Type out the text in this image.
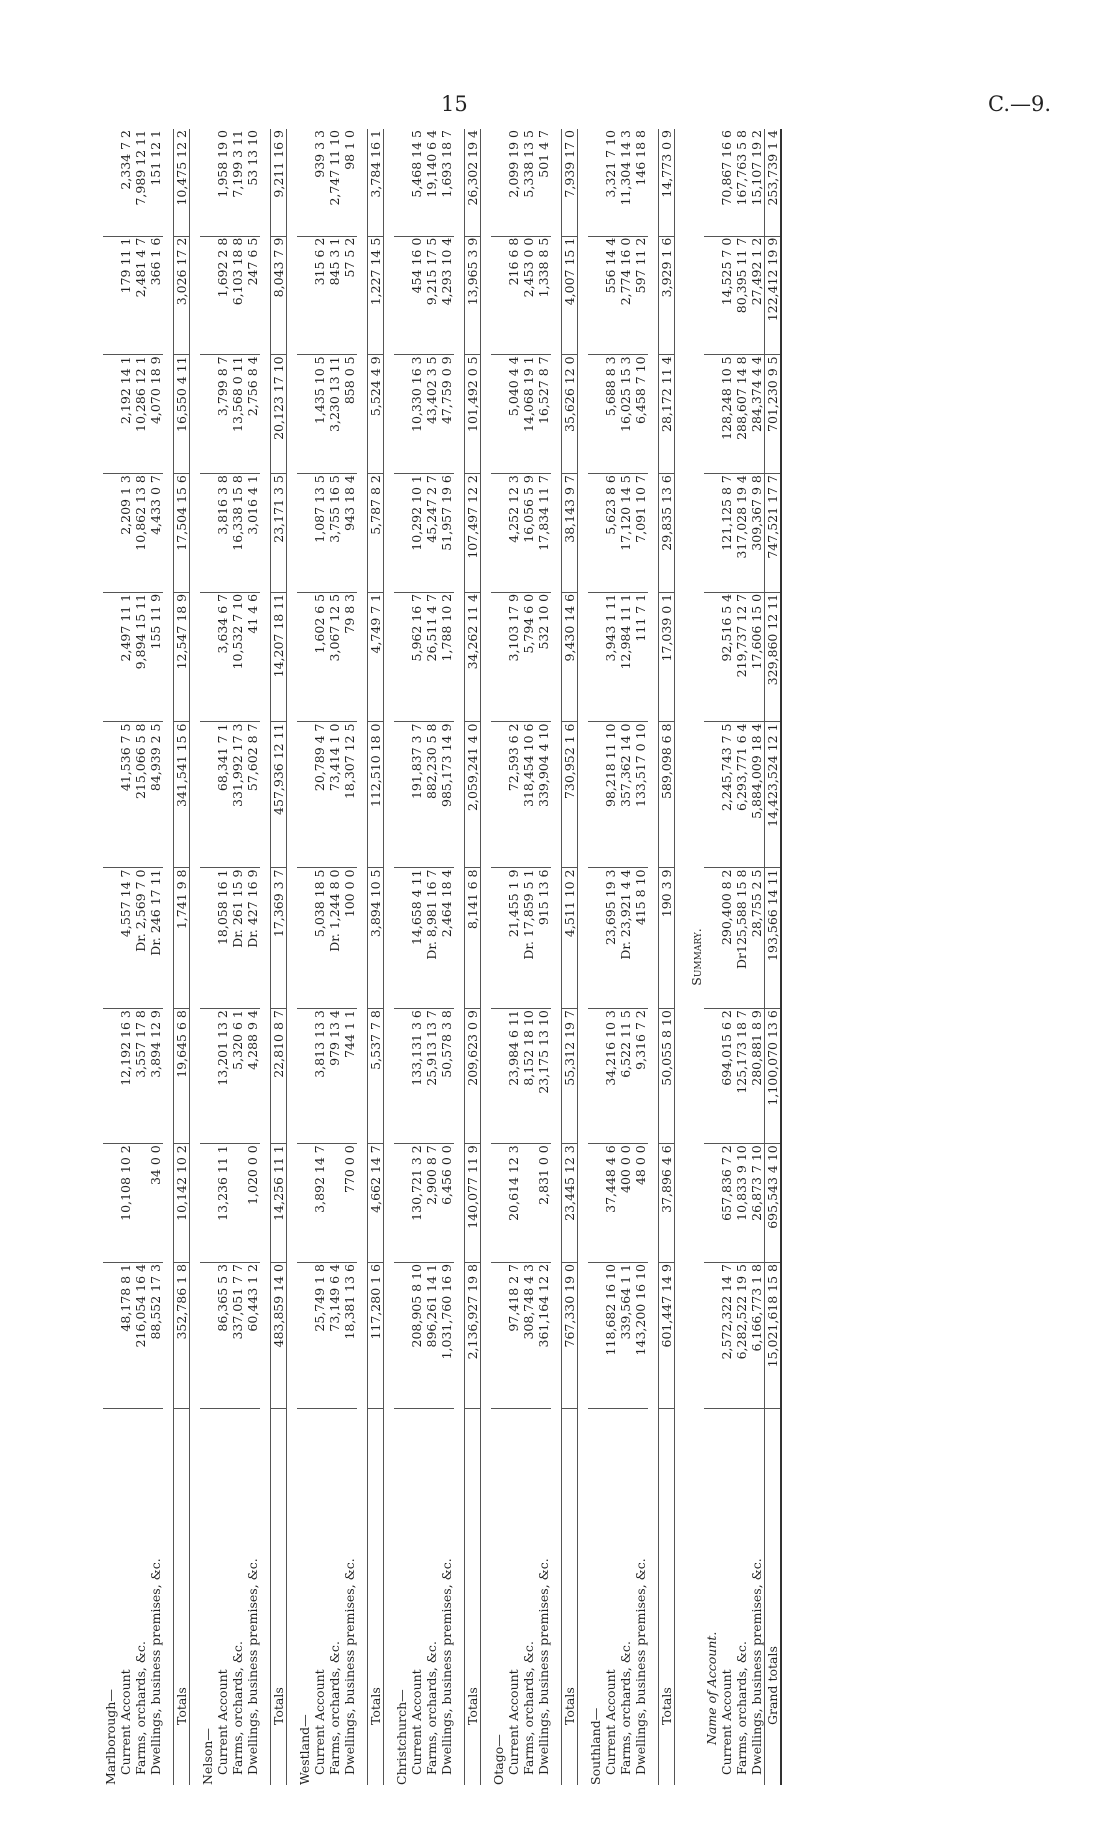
15	C.—9.
Marlborough—										
Current Account	48,178 8 1	10,108 10 2	12,192 16 3	4,557 14 7	41,536 7 5	2,497 11 1	2,209 1 3	2,192 14 1	179 11 1	2,334 7 2
Farms, orchards, &c.	216,054 16 4		3,557 17 8	Dr. 2,569 7 0	215,066 5 8	9,894 15 11	10,862 13 8	10,286 12 1	2,481 4 7	7,989 12 11
Dwellings, business premises, &c.	88,552 17 3	34 0 0	3,894 12 9	Dr. 246 17 11	84,939 2 5	155 11 9	4,433 0 7	4,070 18 9	366 1 6	151 12 1

Totals	352,786 1 8	10,142 10 2	19,645 6 8	1,741 9 8	341,541 15 6	12,547 18 9	17,504 15 6	16,550 4 11	3,026 17 2	10,475 12 2

Nelson—										
Current Account	86,365 5 3	13,236 11 1	13,201 13 2	18,058 16 1	68,341 7 1	3,634 6 7	3,816 3 8	3,799 8 7	1,692 2 8	1,958 19 0
Farms, orchards, &c.	337,051 7 7		5,320 6 1	Dr. 261 15 9	331,992 17 3	10,532 7 10	16,338 15 8	13,568 0 11	6,103 18 8	7,199 3 11
Dwellings, business premises, &c.	60,443 1 2	1,020 0 0	4,288 9 4	Dr. 427 16 9	57,602 8 7	41 4 6	3,016 4 1	2,756 8 4	247 6 5	53 13 10

Totals	483,859 14 0	14,256 11 1	22,810 8 7	17,369 3 7	457,936 12 11	14,207 18 11	23,171 3 5	20,123 17 10	8,043 7 9	9,211 16 9

Westland—										
Current Account	25,749 1 8	3,892 14 7	3,813 13 3	5,038 18 5	20,789 4 7	1,602 6 5	1,087 13 5	1,435 10 5	315 6 2	939 3 3
Farms, orchards, &c.	73,149 6 4		979 13 4	Dr. 1,244 8 0	73,414 1 0	3,067 12 5	3,755 16 5	3,230 13 11	845 3 1	2,747 11 10
Dwellings, business premises, &c.	18,381 13 6	770 0 0	744 1 1	100 0 0	18,307 12 5	79 8 3	943 18 4	858 0 5	57 5 2	98 1 0

Totals	117,280 1 6	4,662 14 7	5,537 7 8	3,894 10 5	112,510 18 0	4,749 7 1	5,787 8 2	5,524 4 9	1,227 14 5	3,784 16 1

Christchurch—										
Current Account	208,905 8 10	130,721 3 2	133,131 3 6	14,658 4 11	191,837 3 7	5,962 16 7	10,292 10 1	10,330 16 3	454 16 0	5,468 14 5
Farms, orchards, &c.	896,261 14 1	2,900 8 7	25,913 13 7	Dr. 8,981 16 7	882,230 5 8	26,511 4 7	45,247 2 7	43,402 3 5	9,215 17 5	19,140 6 4
Dwellings, business premises, &c.	1,031,760 16 9	6,456 0 0	50,578 3 8	2,464 18 4	985,173 14 9	1,788 10 2	51,957 19 6	47,759 0 9	4,293 10 4	1,693 18 7

Totals	2,136,927 19 8	140,077 11 9	209,623 0 9	8,141 6 8	2,059,241 4 0	34,262 11 4	107,497 12 2	101,492 0 5	13,965 3 9	26,302 19 4

Otago—										
Current Account	97,418 2 7	20,614 12 3	23,984 6 11	21,455 1 9	72,593 6 2	3,103 17 9	4,252 12 3	5,040 4 4	216 6 8	2,099 19 0
Farms, orchards, &c.	308,748 4 3		8,152 18 10	Dr. 17,859 5 1	318,454 10 6	5,794 6 0	16,056 5 9	14,068 19 1	2,453 0 0	5,338 13 5
Dwellings, business premises, &c.	361,164 12 2	2,831 0 0	23,175 13 10	915 13 6	339,904 4 10	532 10 0	17,834 11 7	16,527 8 7	1,338 8 5	501 4 7

Totals	767,330 19 0	23,445 12 3	55,312 19 7	4,511 10 2	730,952 1 6	9,430 14 6	38,143 9 7	35,626 12 0	4,007 15 1	7,939 17 0

Southland—										
Current Account	118,682 16 10	37,448 4 6	34,216 10 3	23,695 19 3	98,218 11 10	3,943 1 11	5,623 8 6	5,688 8 3	556 14 4	3,321 7 10
Farms, orchards, &c.	339,564 1 1	400 0 0	6,522 11 5	Dr. 23,921 4 4	357,362 14 0	12,984 11 1	17,120 14 5	16,025 15 3	2,774 16 0	11,304 14 3
Dwellings, business premises, &c.	143,200 16 10	48 0 0	9,316 7 2	415 8 10	133,517 0 10	111 7 1	7,091 10 7	6,458 7 10	597 11 2	146 18 8

Totals	601,447 14 9	37,896 4 6	50,055 8 10	190 3 9	589,098 6 8	17,039 0 1	29,835 13 6	28,172 11 4	3,929 1 6	14,773 0 9

Summary.										
Name of Account.										
Current Account	2,572,322 14 7	657,836 7 2	694,015 6 2	290,400 8 2	2,245,743 7 5	92,516 5 4	121,125 8 7	128,248 10 5	14,525 7 0	70,867 16 6
Farms, orchards, &c.	6,282,522 19 5	10,833 9 10	125,173 18 7	Dr125,588 15 8	6,293,771 6 4	219,737 12 7	317,028 19 4	288,607 14 8	80,395 11 7	167,763 5 8
Dwellings, business premises, &c.	6,166,773 1 8	26,873 7 10	280,881 8 9	28,755 2 5	5,884,009 18 4	17,606 15 0	309,367 9 8	284,374 4 4	27,492 1 2	15,107 19 2
Grand totals	15,021,618 15 8	695,543 4 10	1,100,070 13 6	193,566 14 11	14,423,524 12 1	329,860 12 11	747,521 17 7	701,230 9 5	122,412 19 9	253,739 1 4
